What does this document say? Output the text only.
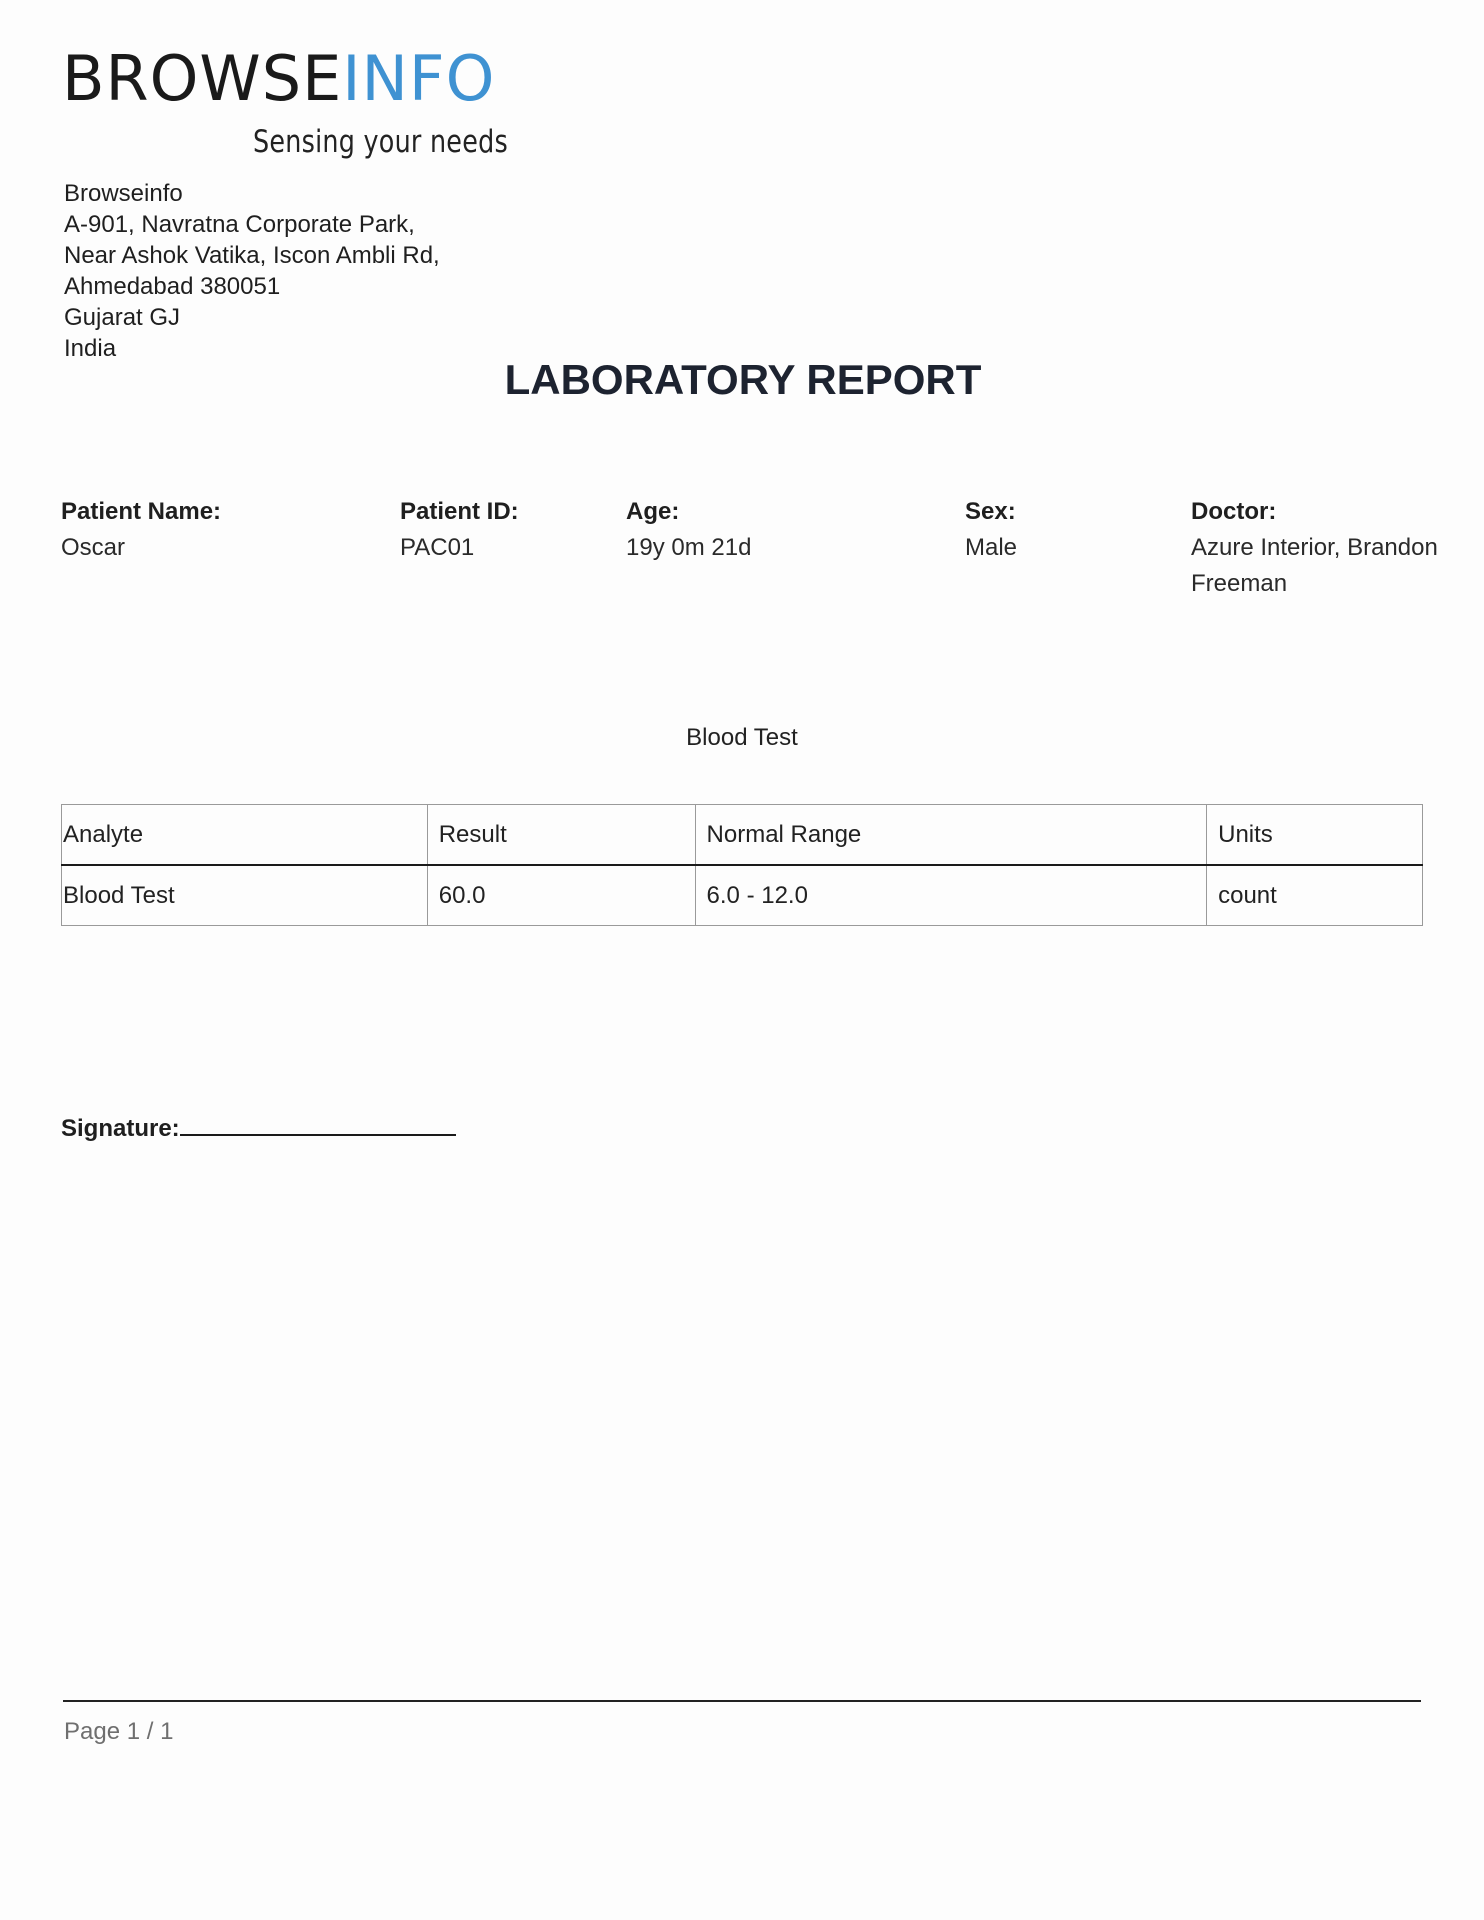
BROWSEINFO
Sensing your needs
Browseinfo
A-901, Navratna Corporate Park,
Near Ashok Vatika, Iscon Ambli Rd,
Ahmedabad 380051
Gujarat GJ
India
LABORATORY REPORT
Patient Name:
Oscar
Patient ID:
PAC01
Age:
19y 0m 21d
Sex:
Male
Doctor:
Azure Interior, Brandon Freeman
Blood Test
Analyte	Result	Normal Range	Units
Blood Test	60.0	6.0 - 12.0	count
Signature:
Page 1 / 1
